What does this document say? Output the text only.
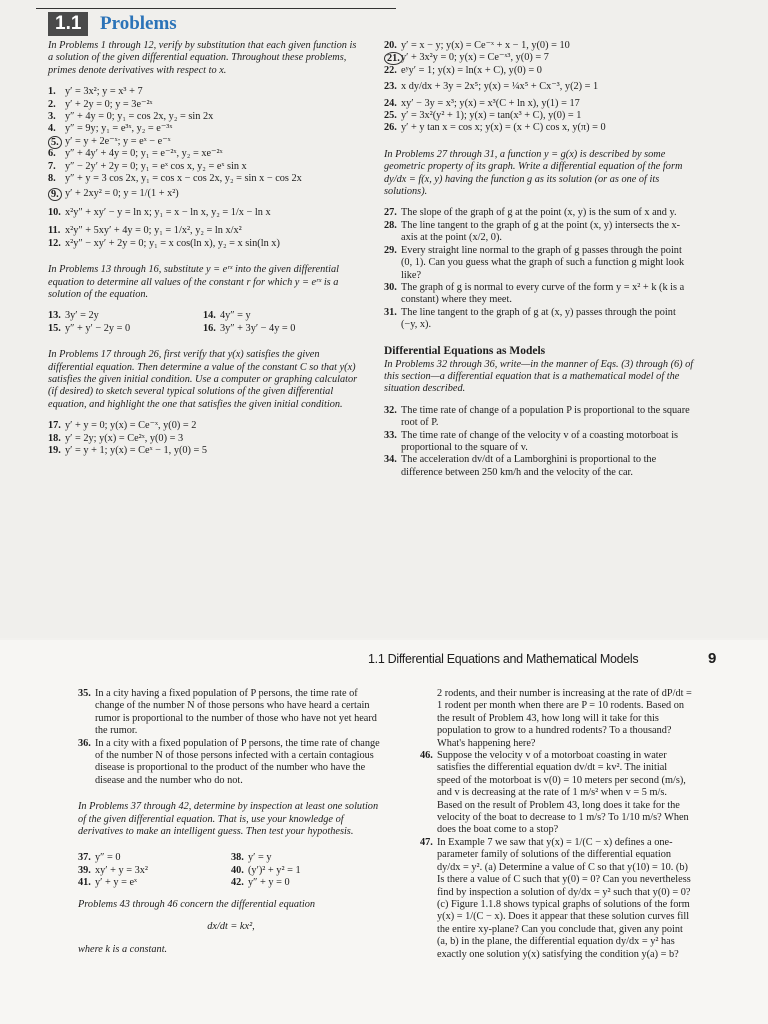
1.1 Problems

In Problems 1 through 12, verify by substitution that each given function is a solution of the given differential equation. Throughout these problems, primes denote derivatives with respect to x.

1. y′ = 3x²; y = x³ + 7
2. y′ + 2y = 0; y = 3e⁻²ˣ
3. y″ + 4y = 0; y₁ = cos 2x, y₂ = sin 2x
4. y″ = 9y; y₁ = e³ˣ, y₂ = e⁻³ˣ
5. y′ = y + 2e⁻ˣ; y = eˣ − e⁻ˣ
6. y″ + 4y′ + 4y = 0; y₁ = e⁻²ˣ, y₂ = xe⁻²ˣ
7. y″ − 2y′ + 2y = 0; y₁ = eˣ cos x, y₂ = eˣ sin x
8. y″ + y = 3 cos 2x, y₁ = cos x − cos 2x, y₂ = sin x − cos 2x
9. y′ + 2xy² = 0; y = 1/(1 + x²)
10. x²y″ + xy′ − y = ln x; y₁ = x − ln x, y₂ = 1/x − ln x
11. x²y″ + 5xy′ + 4y = 0; y₁ = 1/x², y₂ = ln x/x²
12. x²y″ − xy′ + 2y = 0; y₁ = x cos(ln x), y₂ = x sin(ln x)

In Problems 13 through 16, substitute y = eʳˣ into the given differential equation to determine all values of the constant r for which y = eʳˣ is a solution of the equation.

13. 3y′ = 2y	14. 4y″ = y
15. y″ + y′ − 2y = 0	16. 3y″ + 3y′ − 4y = 0

In Problems 17 through 26, first verify that y(x) satisfies the given differential equation. Then determine a value of the constant C so that y(x) satisfies the given initial condition. Use a computer or graphing calculator (if desired) to sketch several typical solutions of the given differential equation, and highlight the one that satisfies the given initial condition.

17. y′ + y = 0; y(x) = Ce⁻ˣ, y(0) = 2
18. y′ = 2y; y(x) = Ce²ˣ, y(0) = 3
19. y′ = y + 1; y(x) = Ceˣ − 1, y(0) = 5
20. y′ = x − y; y(x) = Ce⁻ˣ + x − 1, y(0) = 10
21. y′ + 3x²y = 0; y(x) = Ce⁻ˣ³, y(0) = 7
22. eʸy′ = 1; y(x) = ln(x + C), y(0) = 0
23. x dy/dx + 3y = 2x⁵; y(x) = ¼x⁵ + Cx⁻³, y(2) = 1
24. xy′ − 3y = x³; y(x) = x³(C + ln x), y(1) = 17
25. y′ = 3x²(y² + 1); y(x) = tan(x³ + C), y(0) = 1
26. y′ + y tan x = cos x; y(x) = (x + C) cos x, y(π) = 0

In Problems 27 through 31, a function y = g(x) is described by some geometric property of its graph. Write a differential equation of the form dy/dx = f(x, y) having the function g as its solution (or as one of its solutions).

27. The slope of the graph of g at the point (x, y) is the sum of x and y.
28. The line tangent to the graph of g at the point (x, y) intersects the x-axis at the point (x/2, 0).
29. Every straight line normal to the graph of g passes through the point (0, 1). Can you guess what the graph of such a function g might look like?
30. The graph of g is normal to every curve of the form y = x² + k (k is a constant) where they meet.
31. The line tangent to the graph of g at (x, y) passes through the point (−y, x).
Differential Equations as Models

In Problems 32 through 36, write—in the manner of Eqs. (3) through (6) of this section—a differential equation that is a mathematical model of the situation described.

32. The time rate of change of a population P is proportional to the square root of P.
33. The time rate of change of the velocity v of a coasting motorboat is proportional to the square of v.
34. The acceleration dv/dt of a Lamborghini is proportional to the difference between 250 km/h and the velocity of the car.
1.1 Differential Equations and Mathematical Models	9
35. In a city having a fixed population of P persons, the time rate of change of the number N of those persons who have heard a certain rumor is proportional to the number of those who have not yet heard the rumor.
36. In a city with a fixed population of P persons, the time rate of change of the number N of those persons infected with a certain contagious disease is proportional to the product of the number who have the disease and the number who do not.

In Problems 37 through 42, determine by inspection at least one solution of the given differential equation. That is, use your knowledge of derivatives to make an intelligent guess. Then test your hypothesis.

37. y″ = 0	38. y′ = y
39. xy′ + y = 3x²	40. (y′)² + y² = 1
41. y′ + y = eˣ	42. y″ + y = 0

Problems 43 through 46 concern the differential equation

dx/dt = kx²,

where k is a constant.

2 rodents, and their number is increasing at the rate of dP/dt = 1 rodent per month when there are P = 10 rodents. Based on the result of Problem 43, how long will it take for this population to grow to a hundred rodents? To a thousand? What's happening here?

46. Suppose the velocity v of a motorboat coasting in water satisfies the differential equation dv/dt = kv². The initial speed of the motorboat is v(0) = 10 meters per second (m/s), and v is decreasing at the rate of 1 m/s² when v = 5 m/s. Based on the result of Problem 43, long does it take for the velocity of the boat to decrease to 1 m/s? To 1/10 m/s? When does the boat come to a stop?
47. In Example 7 we saw that y(x) = 1/(C − x) defines a one-parameter family of solutions of the differential equation dy/dx = y². (a) Determine a value of C so that y(10) = 10. (b) Is there a value of C such that y(0) = 0? Can you nevertheless find by inspection a solution of dy/dx = y² such that y(0) = 0? (c) Figure 1.1.8 shows typical graphs of solutions of the form y(x) = 1/(C − x). Does it appear that these solution curves fill the entire xy-plane? Can you conclude that, given any point (a, b) in the plane, the differential equation dy/dx = y² has exactly one solution y(x) satisfying the condition y(a) = b?
